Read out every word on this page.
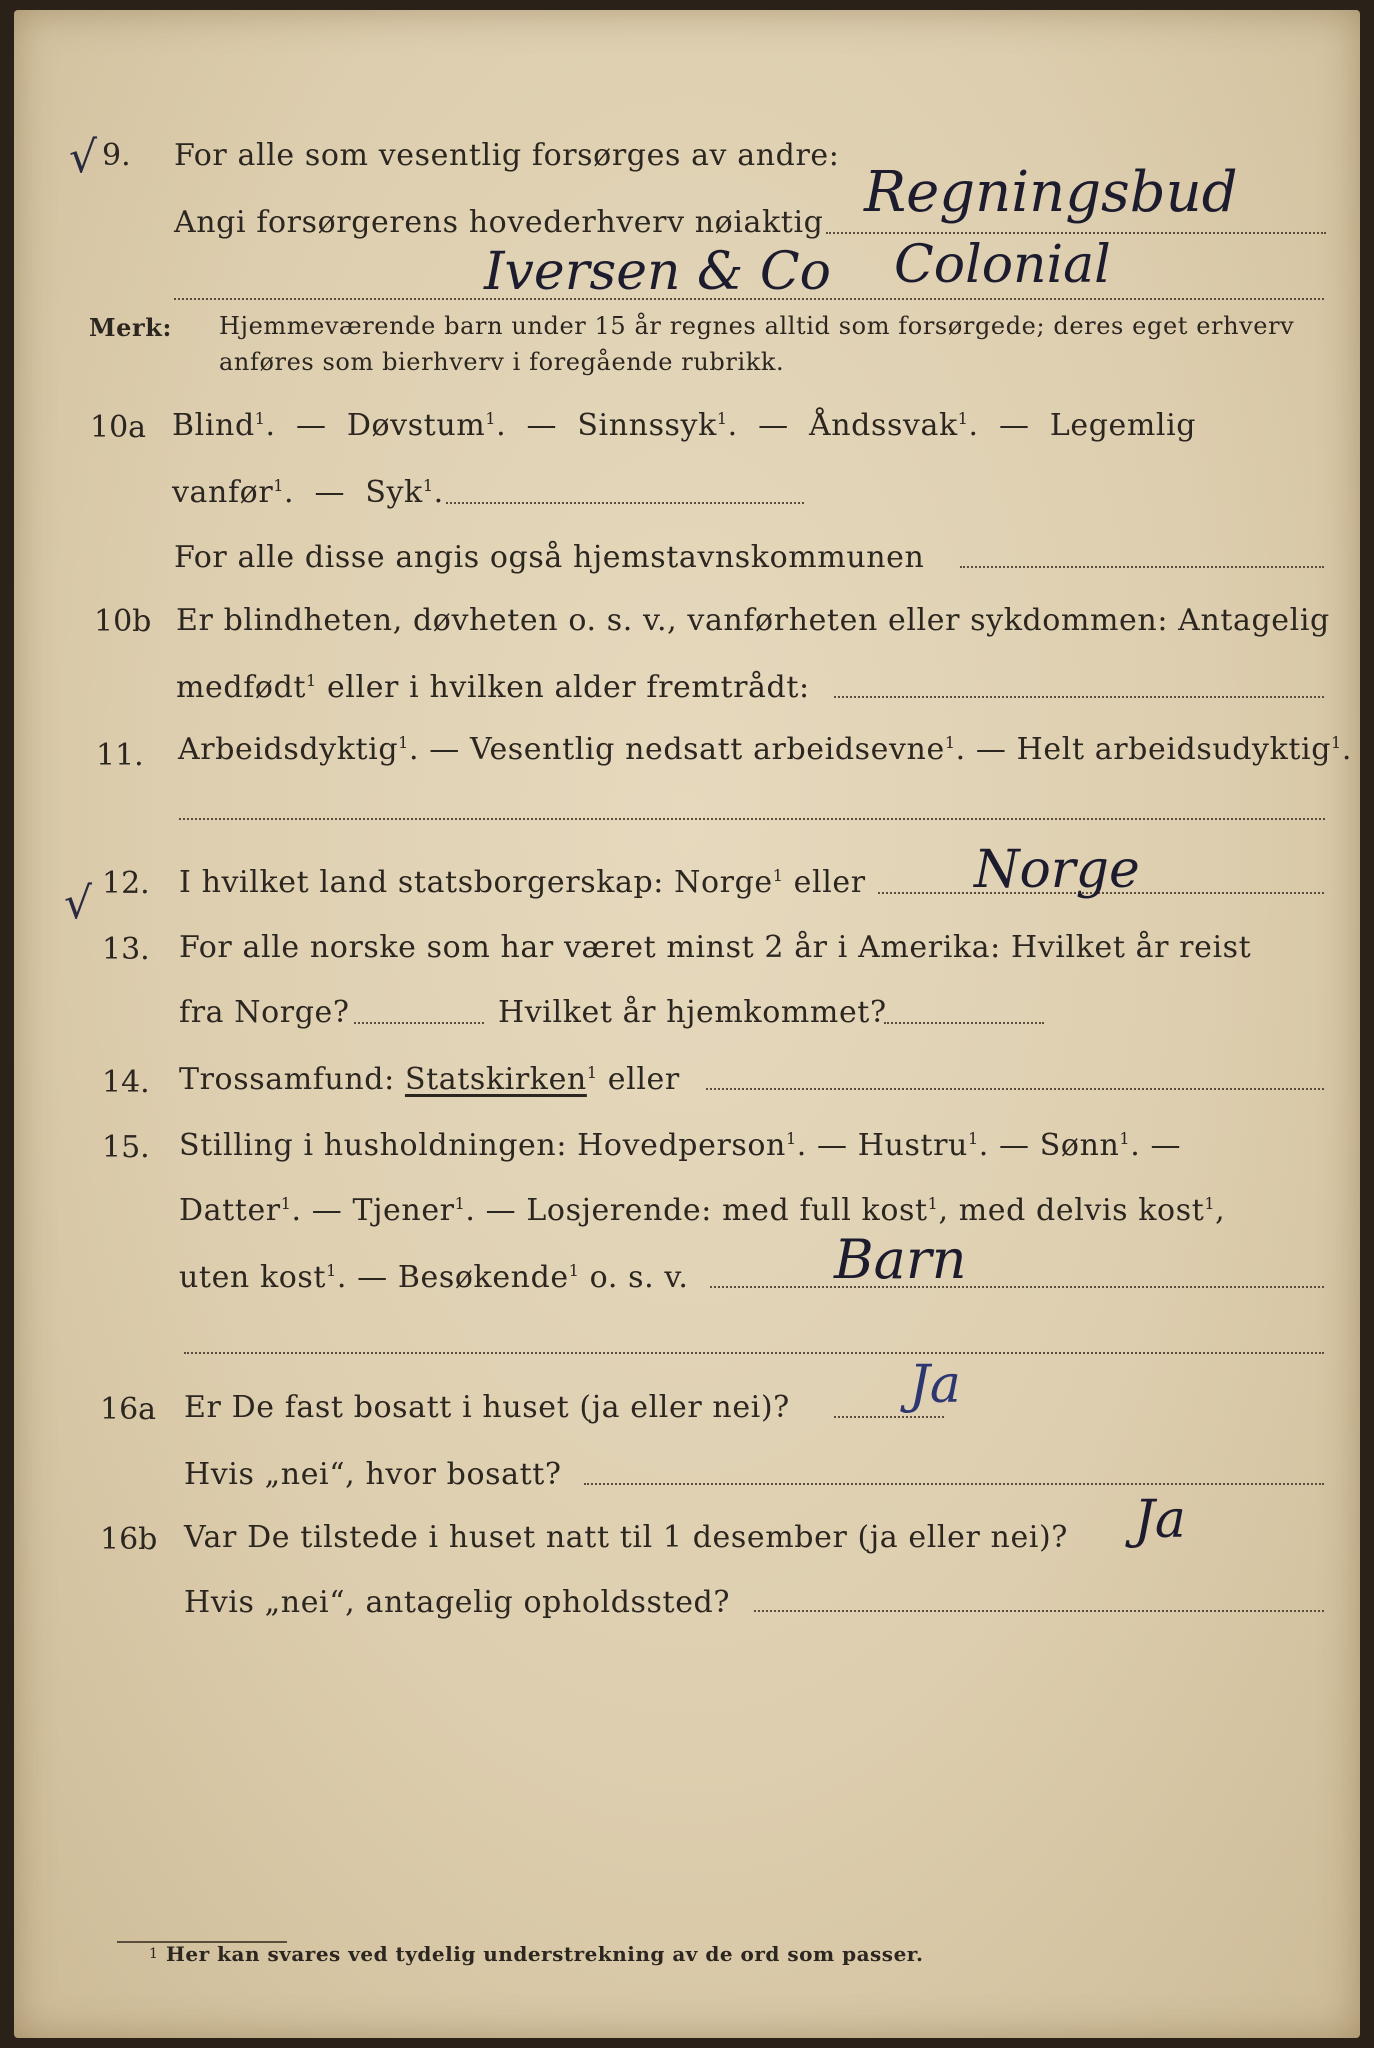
√ 9. For alle som vesentlig forsørges av andre:
Angi forsørgerens hovederhverv nøiaktig Regningsbud
Iversen & Co Colonial
Merk: Hjemmeværende barn under 15 år regnes alltid som forsørgede; deres eget erhverv
anføres som bierhverv i foregående rubrikk.
10a Blind$^1$.  —  Døvstum$^1$.  —  Sinnssyk$^1$.  —  Åndssvak$^1$.  —  Legemlig
vanfør$^1$.  —  Syk$^1$.
For alle disse angis også hjemstavnskommunen
10b Er blindheten, døvheten o. s. v., vanførheten eller sykdommen: Antagelig
medfødt$^1$ eller i hvilken alder fremtrådt:
11. Arbeidsdyktig$^1$. — Vesentlig nedsatt arbeidsevne$^1$. — Helt arbeidsudyktig$^1$.
√ 12. I hvilket land statsborgerskap: Norge$^1$ eller Norge
13. For alle norske som har været minst 2 år i Amerika: Hvilket år reist
fra Norge?	Hvilket år hjemkommet?
14. Trossamfund: Statskirken$^1$ eller
15. Stilling i husholdningen: Hovedperson$^1$. — Hustru$^1$. — Sønn$^1$. —
Datter$^1$. — Tjener$^1$. — Losjerende: med full kost$^1$, med delvis kost$^1$,
uten kost$^1$. — Besøkende$^1$ o. s. v.	Barn
16a Er De fast bosatt i huset (ja eller nei)? Ja
Hvis „nei“, hvor bosatt?
16b Var De tilstede i huset natt til 1 desember (ja eller nei)? Ja
Hvis „nei“, antagelig opholdssted?
1 Her kan svares ved tydelig understrekning av de ord som passer.
